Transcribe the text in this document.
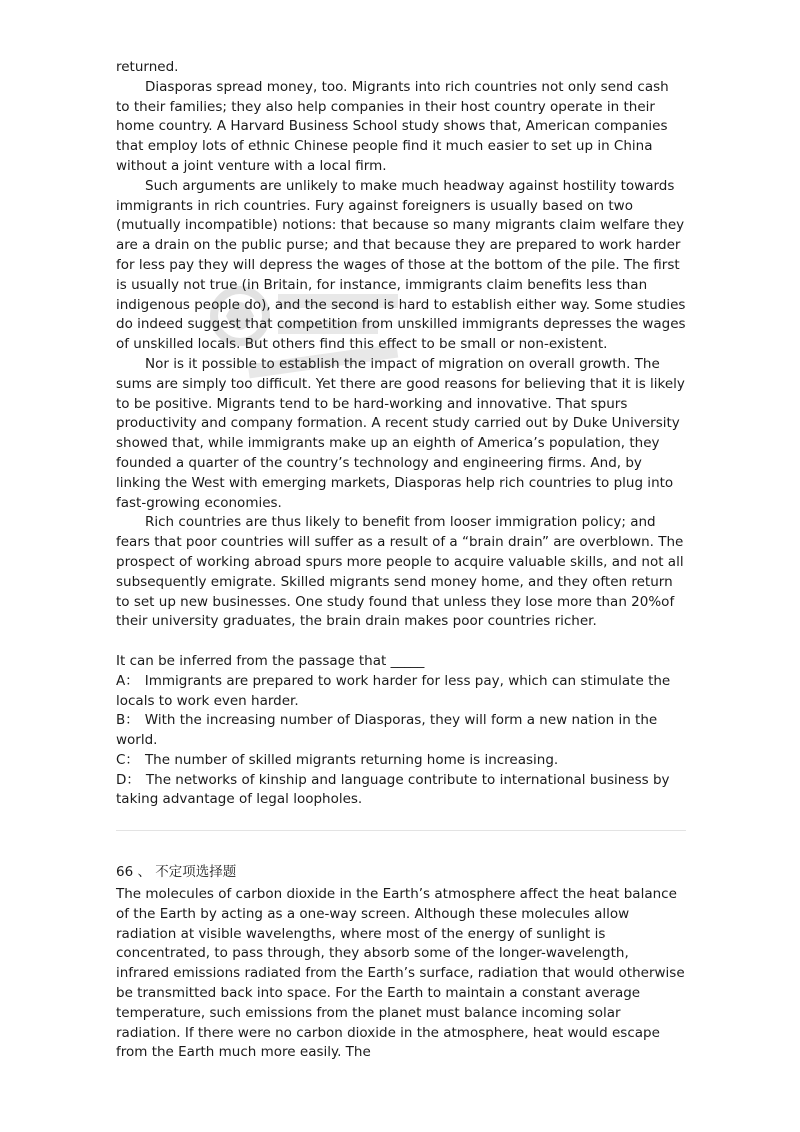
returned.

Diasporas spread money, too. Migrants into rich countries not only send cash to their families; they also help companies in their host country operate in their home country. A Harvard Business School study shows that, American companies that employ lots of ethnic Chinese people find it much easier to set up in China without a joint venture with a local firm.

Such arguments are unlikely to make much headway against hostility towards immigrants in rich countries. Fury against foreigners is usually based on two (mutually incompatible) notions: that because so many migrants claim welfare they are a drain on the public purse; and that because they are prepared to work harder for less pay they will depress the wages of those at the bottom of the pile. The first is usually not true (in Britain, for instance, immigrants claim benefits less than indigenous people do), and the second is hard to establish either way. Some studies do indeed suggest that competition from unskilled immigrants depresses the wages of unskilled locals. But others find this effect to be small or non-existent.

Nor is it possible to establish the impact of migration on overall growth. The sums are simply too difficult. Yet there are good reasons for believing that it is likely to be positive. Migrants tend to be hard-working and innovative. That spurs productivity and company formation. A recent study carried out by Duke University showed that, while immigrants make up an eighth of America’s population, they founded a quarter of the country’s technology and engineering firms. And, by linking the West with emerging markets, Diasporas help rich countries to plug into fast-growing economies.

Rich countries are thus likely to benefit from looser immigration policy; and fears that poor countries will suffer as a result of a “brain drain” are overblown. The prospect of working abroad spurs more people to acquire valuable skills, and not all subsequently emigrate. Skilled migrants send money home, and they often return to set up new businesses. One study found that unless they lose more than 20%of their university graduates, the brain drain makes poor countries richer.

It can be inferred from the passage that _____

A： Immigrants are prepared to work harder for less pay, which can stimulate the locals to work even harder.

B： With the increasing number of Diasporas, they will form a new nation in the world.

C： The number of skilled migrants returning home is increasing.

D： The networks of kinship and language contribute to international business by taking advantage of legal loopholes.

66 、 不定项选择题

The molecules of carbon dioxide in the Earth’s atmosphere affect the heat balance of the Earth by acting as a one-way screen. Although these molecules allow radiation at visible wavelengths, where most of the energy of sunlight is concentrated, to pass through, they absorb some of the longer-wavelength, infrared emissions radiated from the Earth’s surface, radiation that would otherwise be transmitted back into space. For the Earth to maintain a constant average temperature, such emissions from the planet must balance incoming solar radiation. If there were no carbon dioxide in the atmosphere, heat would escape from the Earth much more easily. The
